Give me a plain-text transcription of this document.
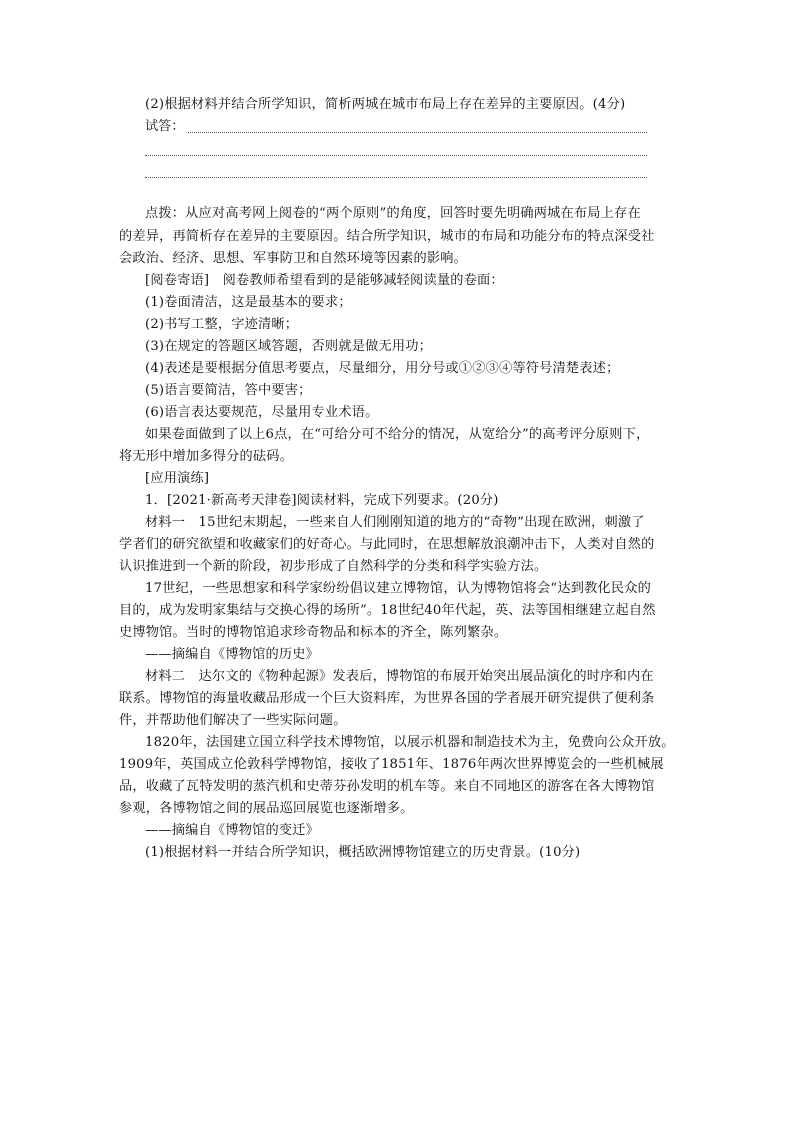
(2)根据材料并结合所学知识，简析两城在城市布局上存在差异的主要原因。(4分)
试答：
点拨：从应对高考网上阅卷的“两个原则”的角度，回答时要先明确两城在布局上存在
的差异，再简析存在差异的主要原因。结合所学知识，城市的布局和功能分布的特点深受社
会政治、经济、思想、军事防卫和自然环境等因素的影响。
[阅卷寄语]　阅卷教师希望看到的是能够减轻阅读量的卷面：
(1)卷面清洁，这是最基本的要求；
(2)书写工整，字迹清晰；
(3)在规定的答题区域答题，否则就是做无用功；
(4)表述是要根据分值思考要点，尽量细分，用分号或①②③④等符号清楚表述；
(5)语言要简洁，答中要害；
(6)语言表达要规范，尽量用专业术语。
如果卷面做到了以上6点，在“可给分可不给分的情况，从宽给分”的高考评分原则下，
将无形中增加多得分的砝码。
[应用演练]
1．[2021·新高考天津卷]阅读材料，完成下列要求。(20分)
材料一　15世纪末期起，一些来自人们刚刚知道的地方的“奇物”出现在欧洲，刺激了
学者们的研究欲望和收藏家们的好奇心。与此同时，在思想解放浪潮冲击下，人类对自然的
认识推进到一个新的阶段，初步形成了自然科学的分类和科学实验方法。
17世纪，一些思想家和科学家纷纷倡议建立博物馆，认为博物馆将会“达到教化民众的
目的，成为发明家集结与交换心得的场所”。18世纪40年代起，英、法等国相继建立起自然
史博物馆。当时的博物馆追求珍奇物品和标本的齐全，陈列繁杂。
——摘编自《博物馆的历史》
材料二　达尔文的《物种起源》发表后，博物馆的布展开始突出展品演化的时序和内在
联系。博物馆的海量收藏品形成一个巨大资料库，为世界各国的学者展开研究提供了便利条
件，并帮助他们解决了一些实际问题。
1820年，法国建立国立科学技术博物馆，以展示机器和制造技术为主，免费向公众开放。
1909年，英国成立伦敦科学博物馆，接收了1851年、1876年两次世界博览会的一些机械展
品，收藏了瓦特发明的蒸汽机和史蒂芬孙发明的机车等。来自不同地区的游客在各大博物馆
参观，各博物馆之间的展品巡回展览也逐渐增多。
——摘编自《博物馆的变迁》
(1)根据材料一并结合所学知识，概括欧洲博物馆建立的历史背景。(10分)
